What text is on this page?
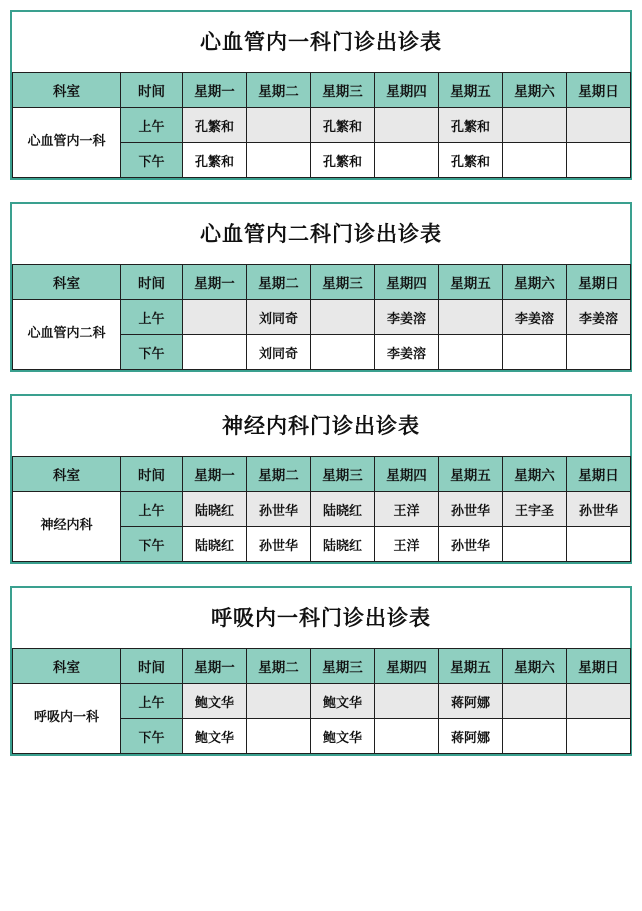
心血管内一科门诊出诊表
科室	时间	星期一	星期二	星期三	星期四	星期五	星期六	星期日
心血管内一科	上午	孔繁和		孔繁和		孔繁和		
	下午	孔繁和		孔繁和		孔繁和		
心血管内二科门诊出诊表
科室	时间	星期一	星期二	星期三	星期四	星期五	星期六	星期日
心血管内二科	上午		刘同奇		李姜溶		李姜溶	李姜溶
	下午		刘同奇		李姜溶			
神经内科门诊出诊表
科室	时间	星期一	星期二	星期三	星期四	星期五	星期六	星期日
神经内科	上午	陆晓红	孙世华	陆晓红	王洋	孙世华	王宇圣	孙世华
	下午	陆晓红	孙世华	陆晓红	王洋	孙世华		
呼吸内一科门诊出诊表
科室	时间	星期一	星期二	星期三	星期四	星期五	星期六	星期日
呼吸内一科	上午	鲍文华		鲍文华		蒋阿娜		
	下午	鲍文华		鲍文华		蒋阿娜		
